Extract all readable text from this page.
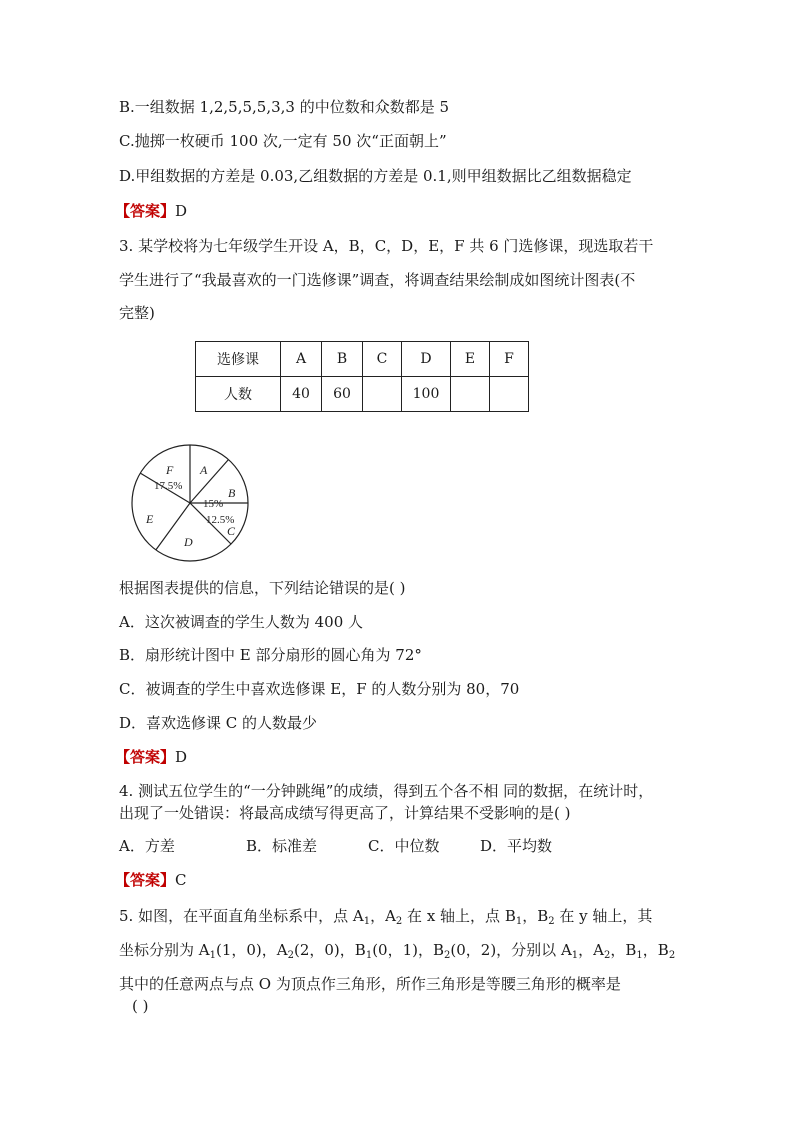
B.一组数据 1,2,5,5,5,3,3 的中位数和众数都是 5
C.抛掷一枚硬币 100 次,一定有 50 次“正面朝上”
D.甲组数据的方差是 0.03,乙组数据的方差是 0.1,则甲组数据比乙组数据稳定
【答案】D
3. 某学校将为七年级学生开设 A，B，C，D，E，F 共 6 门选修课，现选取若干
学生进行了“我最喜欢的一门选修课”调查，将调查结果绘制成如图统计图表(不
完整)
选修课	A	B	C	D	E	F
人数	40	60		100		
A
B
C
D
E
F
17.5%
15%
12.5%
根据图表提供的信息，下列结论错误的是( )
A．这次被调查的学生人数为 400 人
B．扇形统计图中 E 部分扇形的圆心角为 72°
C．被调查的学生中喜欢选修课 E，F 的人数分别为 80，70
D．喜欢选修课 C 的人数最少
【答案】D
4. 测试五位学生的“一分钟跳绳”的成绩，得到五个各不相 同的数据，在统计时，
出现了一处错误：将最高成绩写得更高了，计算结果不受影响的是( )
A．方差	B．标准差	C．中位数	D．平均数
【答案】C
5. 如图，在平面直角坐标系中，点 $A_1$，$A_2$ 在 x 轴上，点 $B_1$，$B_2$ 在 y 轴上，其
坐标分别为 $A_1(1$，0)，$A_2(2$，0)，$B_1(0$，1)，$B_2(0$，2)，分别以 $A_1$，$A_2$，$B_1$，$B_2$
其中的任意两点与点 O 为顶点作三角形，所作三角形是等腰三角形的概率是
( )
